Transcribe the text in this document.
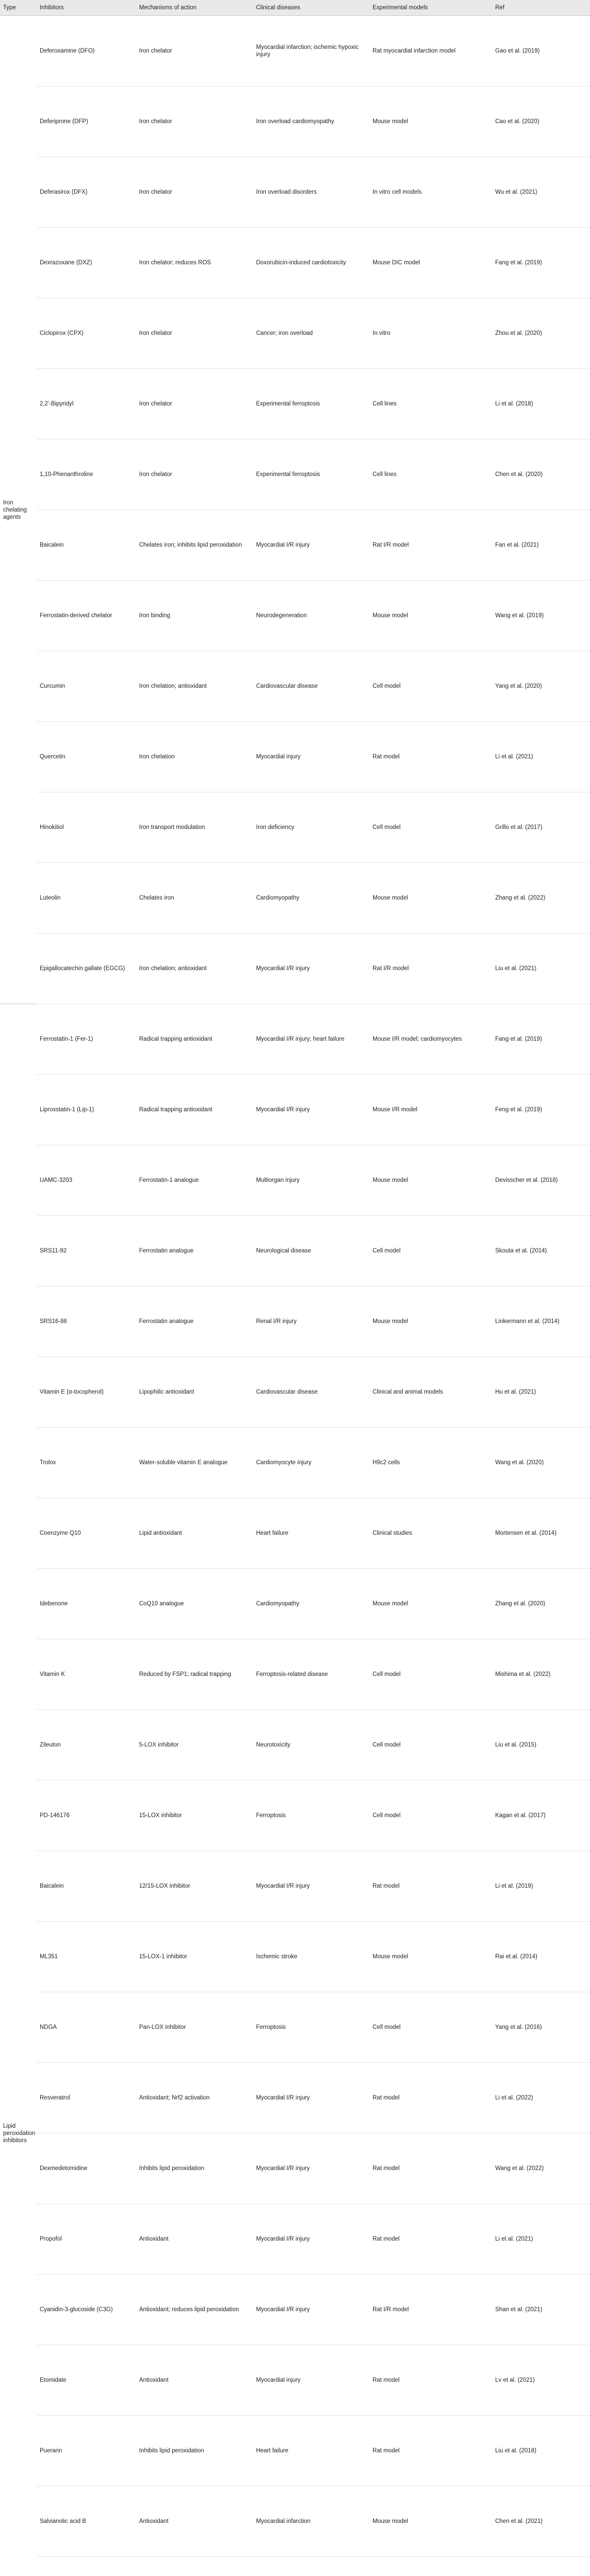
Type	Inhibitors	Mechanisms of action	Clinical diseases	Experimental models	Ref
Iron chelating agents	Deferoxamine (DFO)	Iron chelator	Myocardial infarction; ischemic hypoxic injury	Rat myocardial infarction model	Gao et al. (2019)
	Deferiprone (DFP)	Iron chelator	Iron overload cardiomyopathy	Mouse model	Cao et al. (2020)
	Deferasirox (DFX)	Iron chelator	Iron overload disorders	In vitro cell models	Wu et al. (2021)
	Dexrazoxane (DXZ)	Iron chelator; reduces ROS	Doxorubicin-induced cardiotoxicity	Mouse DIC model	Fang et al. (2019)
	Ciclopirox (CPX)	Iron chelator	Cancer; iron overload	In vitro	Zhou et al. (2020)
	2,2'-Bipyridyl	Iron chelator	Experimental ferroptosis	Cell lines	Li et al. (2018)
	1,10-Phenanthroline	Iron chelator	Experimental ferroptosis	Cell lines	Chen et al. (2020)
	Baicalein	Chelates iron; inhibits lipid peroxidation	Myocardial I/R injury	Rat I/R model	Fan et al. (2021)
	Ferrostatin-derived chelator	Iron binding	Neurodegeneration	Mouse model	Wang et al. (2019)
	Curcumin	Iron chelation; antioxidant	Cardiovascular disease	Cell model	Yang et al. (2020)
	Quercetin	Iron chelation	Myocardial injury	Rat model	Li et al. (2021)
	Hinokitiol	Iron transport modulation	Iron deficiency	Cell model	Grillo et al. (2017)
	Luteolin	Chelates iron	Cardiomyopathy	Mouse model	Zhang et al. (2022)
	Epigallocatechin gallate (EGCG)	Iron chelation; antioxidant	Myocardial I/R injury	Rat I/R model	Liu et al. (2021)
Lipid peroxidation inhibitors	Ferrostatin-1 (Fer-1)	Radical trapping antioxidant	Myocardial I/R injury; heart failure	Mouse I/R model; cardiomyocytes	Fang et al. (2019)
	Liproxstatin-1 (Lip-1)	Radical trapping antioxidant	Myocardial I/R injury	Mouse I/R model	Feng et al. (2019)
	UAMC-3203	Ferrostatin-1 analogue	Multiorgan injury	Mouse model	Devisscher et al. (2018)
	SRS11-92	Ferrostatin analogue	Neurological disease	Cell model	Skouta et al. (2014)
	SRS16-86	Ferrostatin analogue	Renal I/R injury	Mouse model	Linkermann et al. (2014)
	Vitamin E (α-tocopherol)	Lipophilic antioxidant	Cardiovascular disease	Clinical and animal models	Hu et al. (2021)
	Trolox	Water-soluble vitamin E analogue	Cardiomyocyte injury	H9c2 cells	Wang et al. (2020)
	Coenzyme Q10	Lipid antioxidant	Heart failure	Clinical studies	Mortensen et al. (2014)
	Idebenone	CoQ10 analogue	Cardiomyopathy	Mouse model	Zhang et al. (2020)
	Vitamin K	Reduced by FSP1; radical trapping	Ferroptosis-related disease	Cell model	Mishima et al. (2022)
	Zileuton	5-LOX inhibitor	Neurotoxicity	Cell model	Liu et al. (2015)
	PD-146176	15-LOX inhibitor	Ferroptosis	Cell model	Kagan et al. (2017)
	Baicalein	12/15-LOX inhibitor	Myocardial I/R injury	Rat model	Li et al. (2019)
	ML351	15-LOX-1 inhibitor	Ischemic stroke	Mouse model	Rai et al. (2014)
	NDGA	Pan-LOX inhibitor	Ferroptosis	Cell model	Yang et al. (2016)
	Resveratrol	Antioxidant; Nrf2 activation	Myocardial I/R injury	Rat model	Li et al. (2022)
	Dexmedetomidine	Inhibits lipid peroxidation	Myocardial I/R injury	Rat model	Wang et al. (2022)
	Propofol	Antioxidant	Myocardial I/R injury	Rat model	Li et al. (2021)
	Cyanidin-3-glucoside (C3G)	Antioxidant; reduces lipid peroxidation	Myocardial I/R injury	Rat I/R model	Shan et al. (2021)
	Etomidate	Antioxidant	Myocardial injury	Rat model	Lv et al. (2021)
	Puerarin	Inhibits lipid peroxidation	Heart failure	Rat model	Liu et al. (2018)
	Salvianolic acid B	Antioxidant	Myocardial infarction	Mouse model	Chen et al. (2021)
